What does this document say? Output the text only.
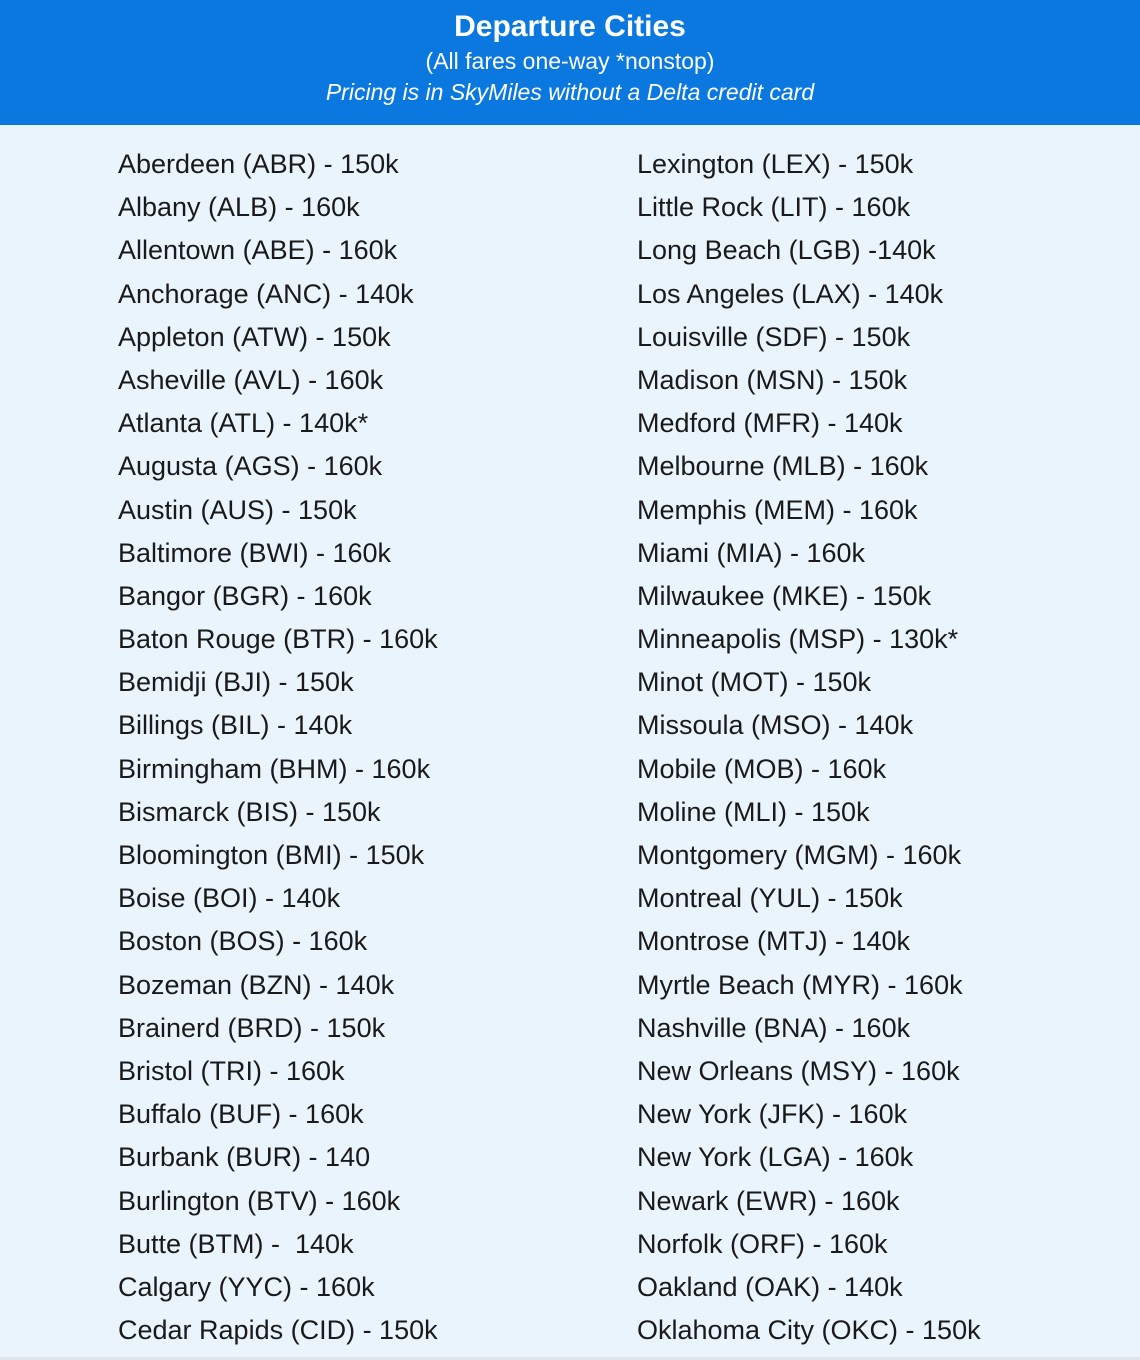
Departure Cities
(All fares one-way *nonstop)
Pricing is in SkyMiles without a Delta credit card
Aberdeen (ABR) - 150k
Albany (ALB) - 160k
Allentown (ABE) - 160k
Anchorage (ANC) - 140k
Appleton (ATW) - 150k
Asheville (AVL) - 160k
Atlanta (ATL) - 140k*
Augusta (AGS) - 160k
Austin (AUS) - 150k
Baltimore (BWI) - 160k
Bangor (BGR) - 160k
Baton Rouge (BTR) - 160k
Bemidji (BJI) - 150k
Billings (BIL) - 140k
Birmingham (BHM) - 160k
Bismarck (BIS) - 150k
Bloomington (BMI) - 150k
Boise (BOI) - 140k
Boston (BOS) - 160k
Bozeman (BZN) - 140k
Brainerd (BRD) - 150k
Bristol (TRI) - 160k
Buffalo (BUF) - 160k
Burbank (BUR) - 140
Burlington (BTV) - 160k
Butte (BTM) -  140k
Calgary (YYC) - 160k
Cedar Rapids (CID) - 150k
Lexington (LEX) - 150k
Little Rock (LIT) - 160k
Long Beach (LGB) -140k
Los Angeles (LAX) - 140k
Louisville (SDF) - 150k
Madison (MSN) - 150k
Medford (MFR) - 140k
Melbourne (MLB) - 160k
Memphis (MEM) - 160k
Miami (MIA) - 160k
Milwaukee (MKE) - 150k
Minneapolis (MSP) - 130k*
Minot (MOT) - 150k
Missoula (MSO) - 140k
Mobile (MOB) - 160k
Moline (MLI) - 150k
Montgomery (MGM) - 160k
Montreal (YUL) - 150k
Montrose (MTJ) - 140k
Myrtle Beach (MYR) - 160k
Nashville (BNA) - 160k
New Orleans (MSY) - 160k
New York (JFK) - 160k
New York (LGA) - 160k
Newark (EWR) - 160k
Norfolk (ORF) - 160k
Oakland (OAK) - 140k
Oklahoma City (OKC) - 150k
